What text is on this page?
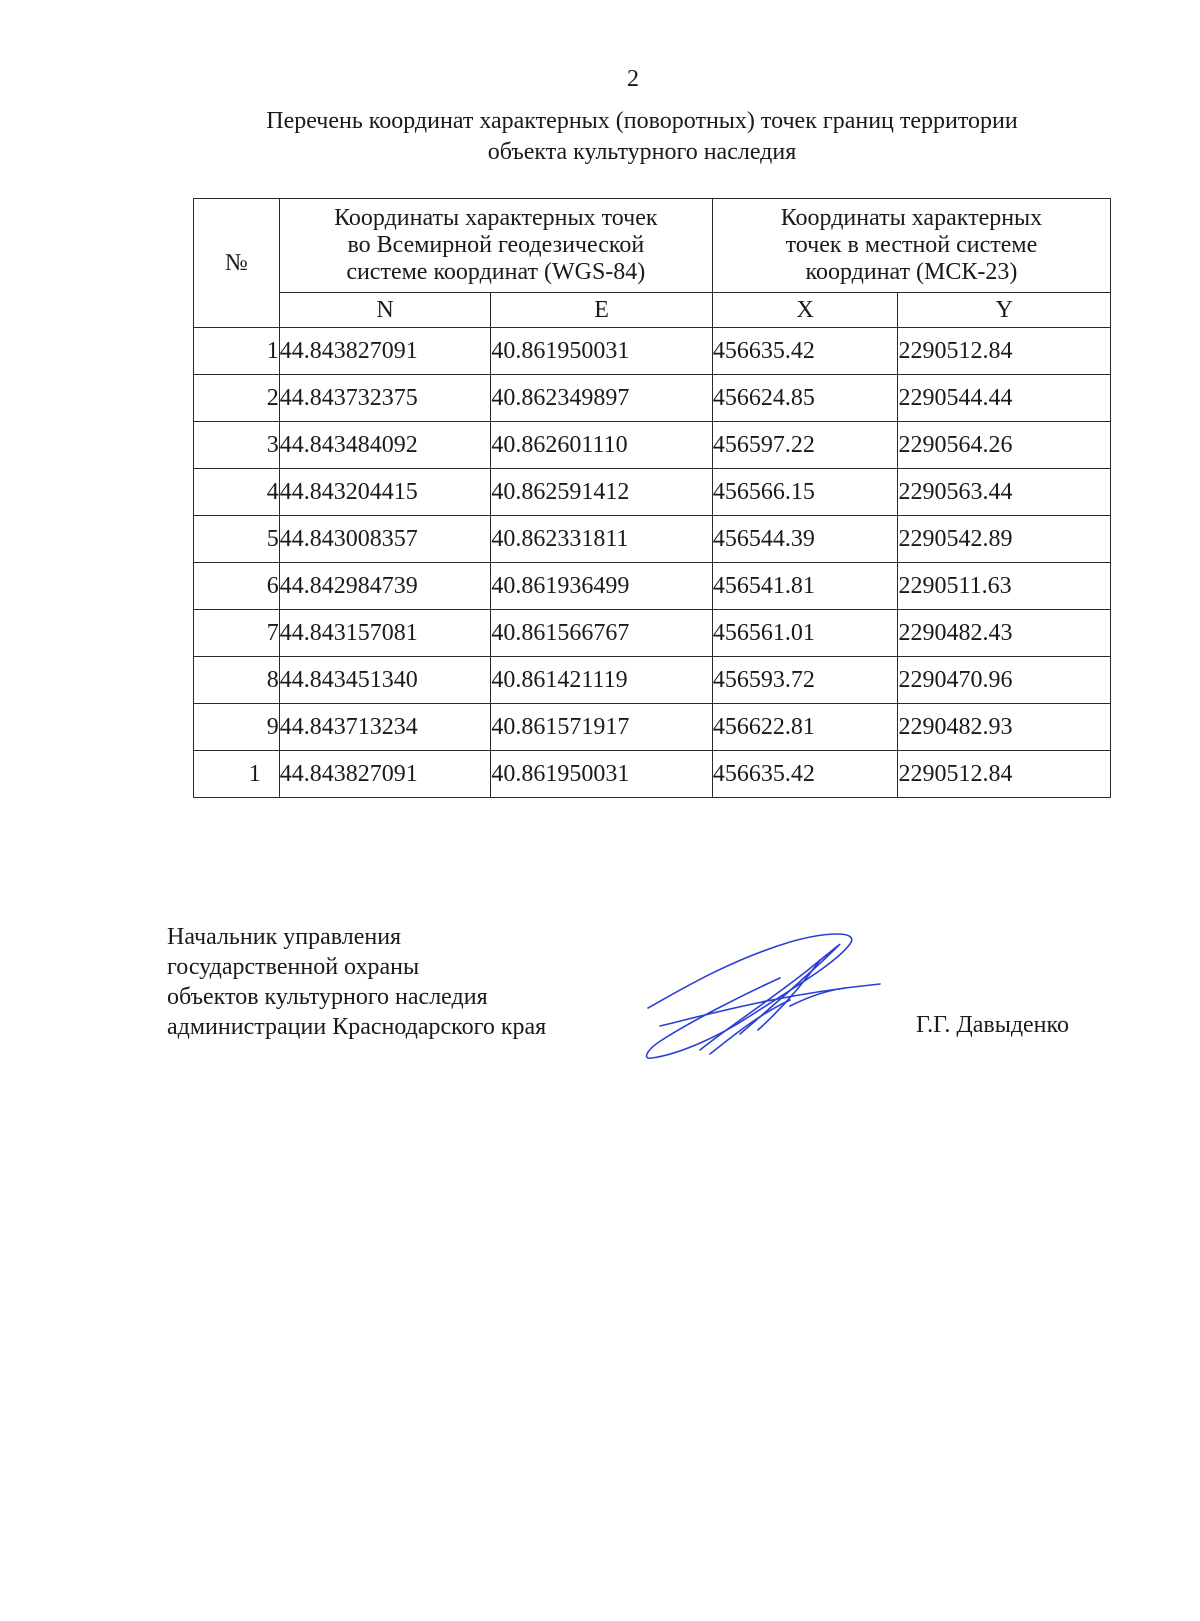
2
Перечень координат характерных (поворотных) точек границ территории
объекта культурного наследия
№	Координаты характерных точек
во Всемирной геодезической
системе координат (WGS-84)		Координаты характерных
точек в местной системе
координат (МСК-23)	

	N	E	X	Y
1	44.843827091	40.861950031	456635.42	2290512.84
2	44.843732375	40.862349897	456624.85	2290544.44
3	44.843484092	40.862601110	456597.22	2290564.26
4	44.843204415	40.862591412	456566.15	2290563.44
5	44.843008357	40.862331811	456544.39	2290542.89
6	44.842984739	40.861936499	456541.81	2290511.63
7	44.843157081	40.861566767	456561.01	2290482.43
8	44.843451340	40.861421119	456593.72	2290470.96
9	44.843713234	40.861571917	456622.81	2290482.93
1	44.843827091	40.861950031	456635.42	2290512.84
Начальник управления
государственной охраны
объектов культурного наследия
администрации Краснодарского края	Г.Г. Давыденко
